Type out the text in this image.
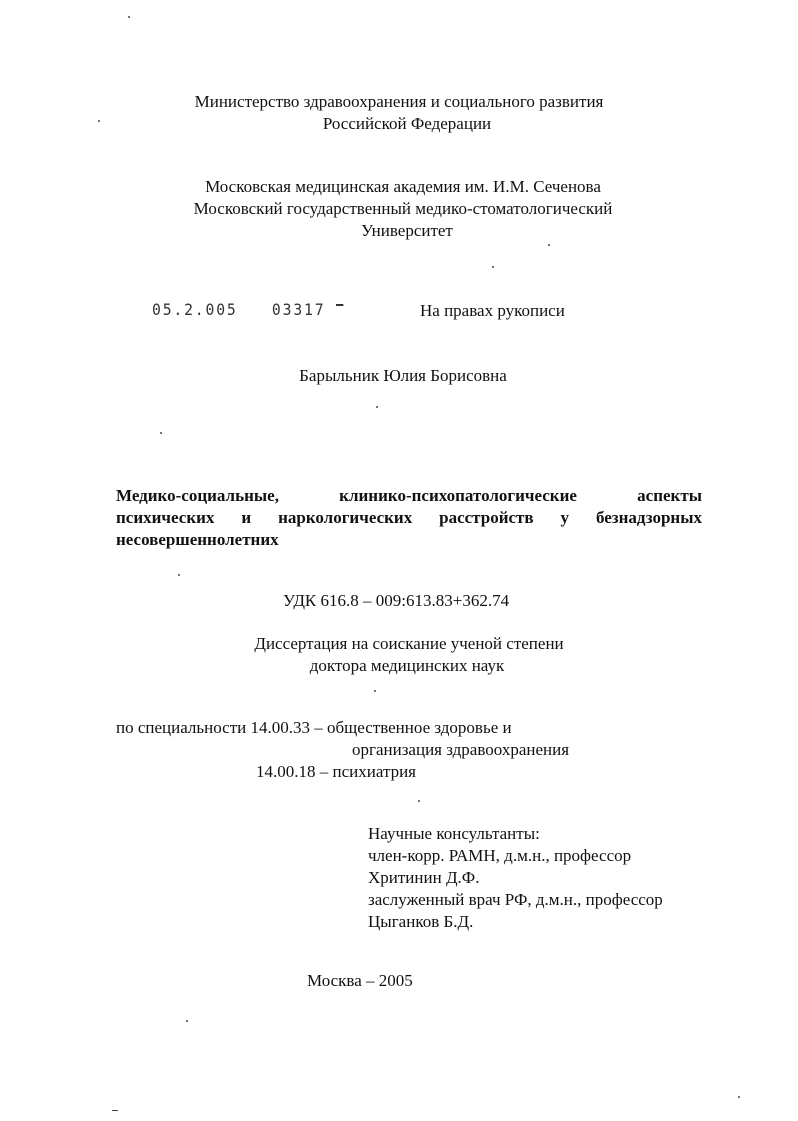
Министерство здравоохранения и социального развития
Российской Федерации
Московская медицинская академия им. И.М. Сеченова
Московский государственный медико-стоматологический
Университет
05.2.005 03317	На правах рукописи
Барыльник Юлия Борисовна
Медико-социальные,	клинико-психопатологические	аспекты
психических и наркологических расстройств у безнадзорных
несовершеннолетних
УДК 616.8 – 009:613.83+362.74
Диссертация на соискание ученой степени
доктора медицинских наук
по специальности 14.00.33 – общественное здоровье и
организация здравоохранения
14.00.18 – психиатрия
Научные консультанты:
член-корр. РАМН, д.м.н., профессор
Хритинин Д.Ф.
заслуженный врач РФ, д.м.н., профессор
Цыганков Б.Д.
Москва – 2005
